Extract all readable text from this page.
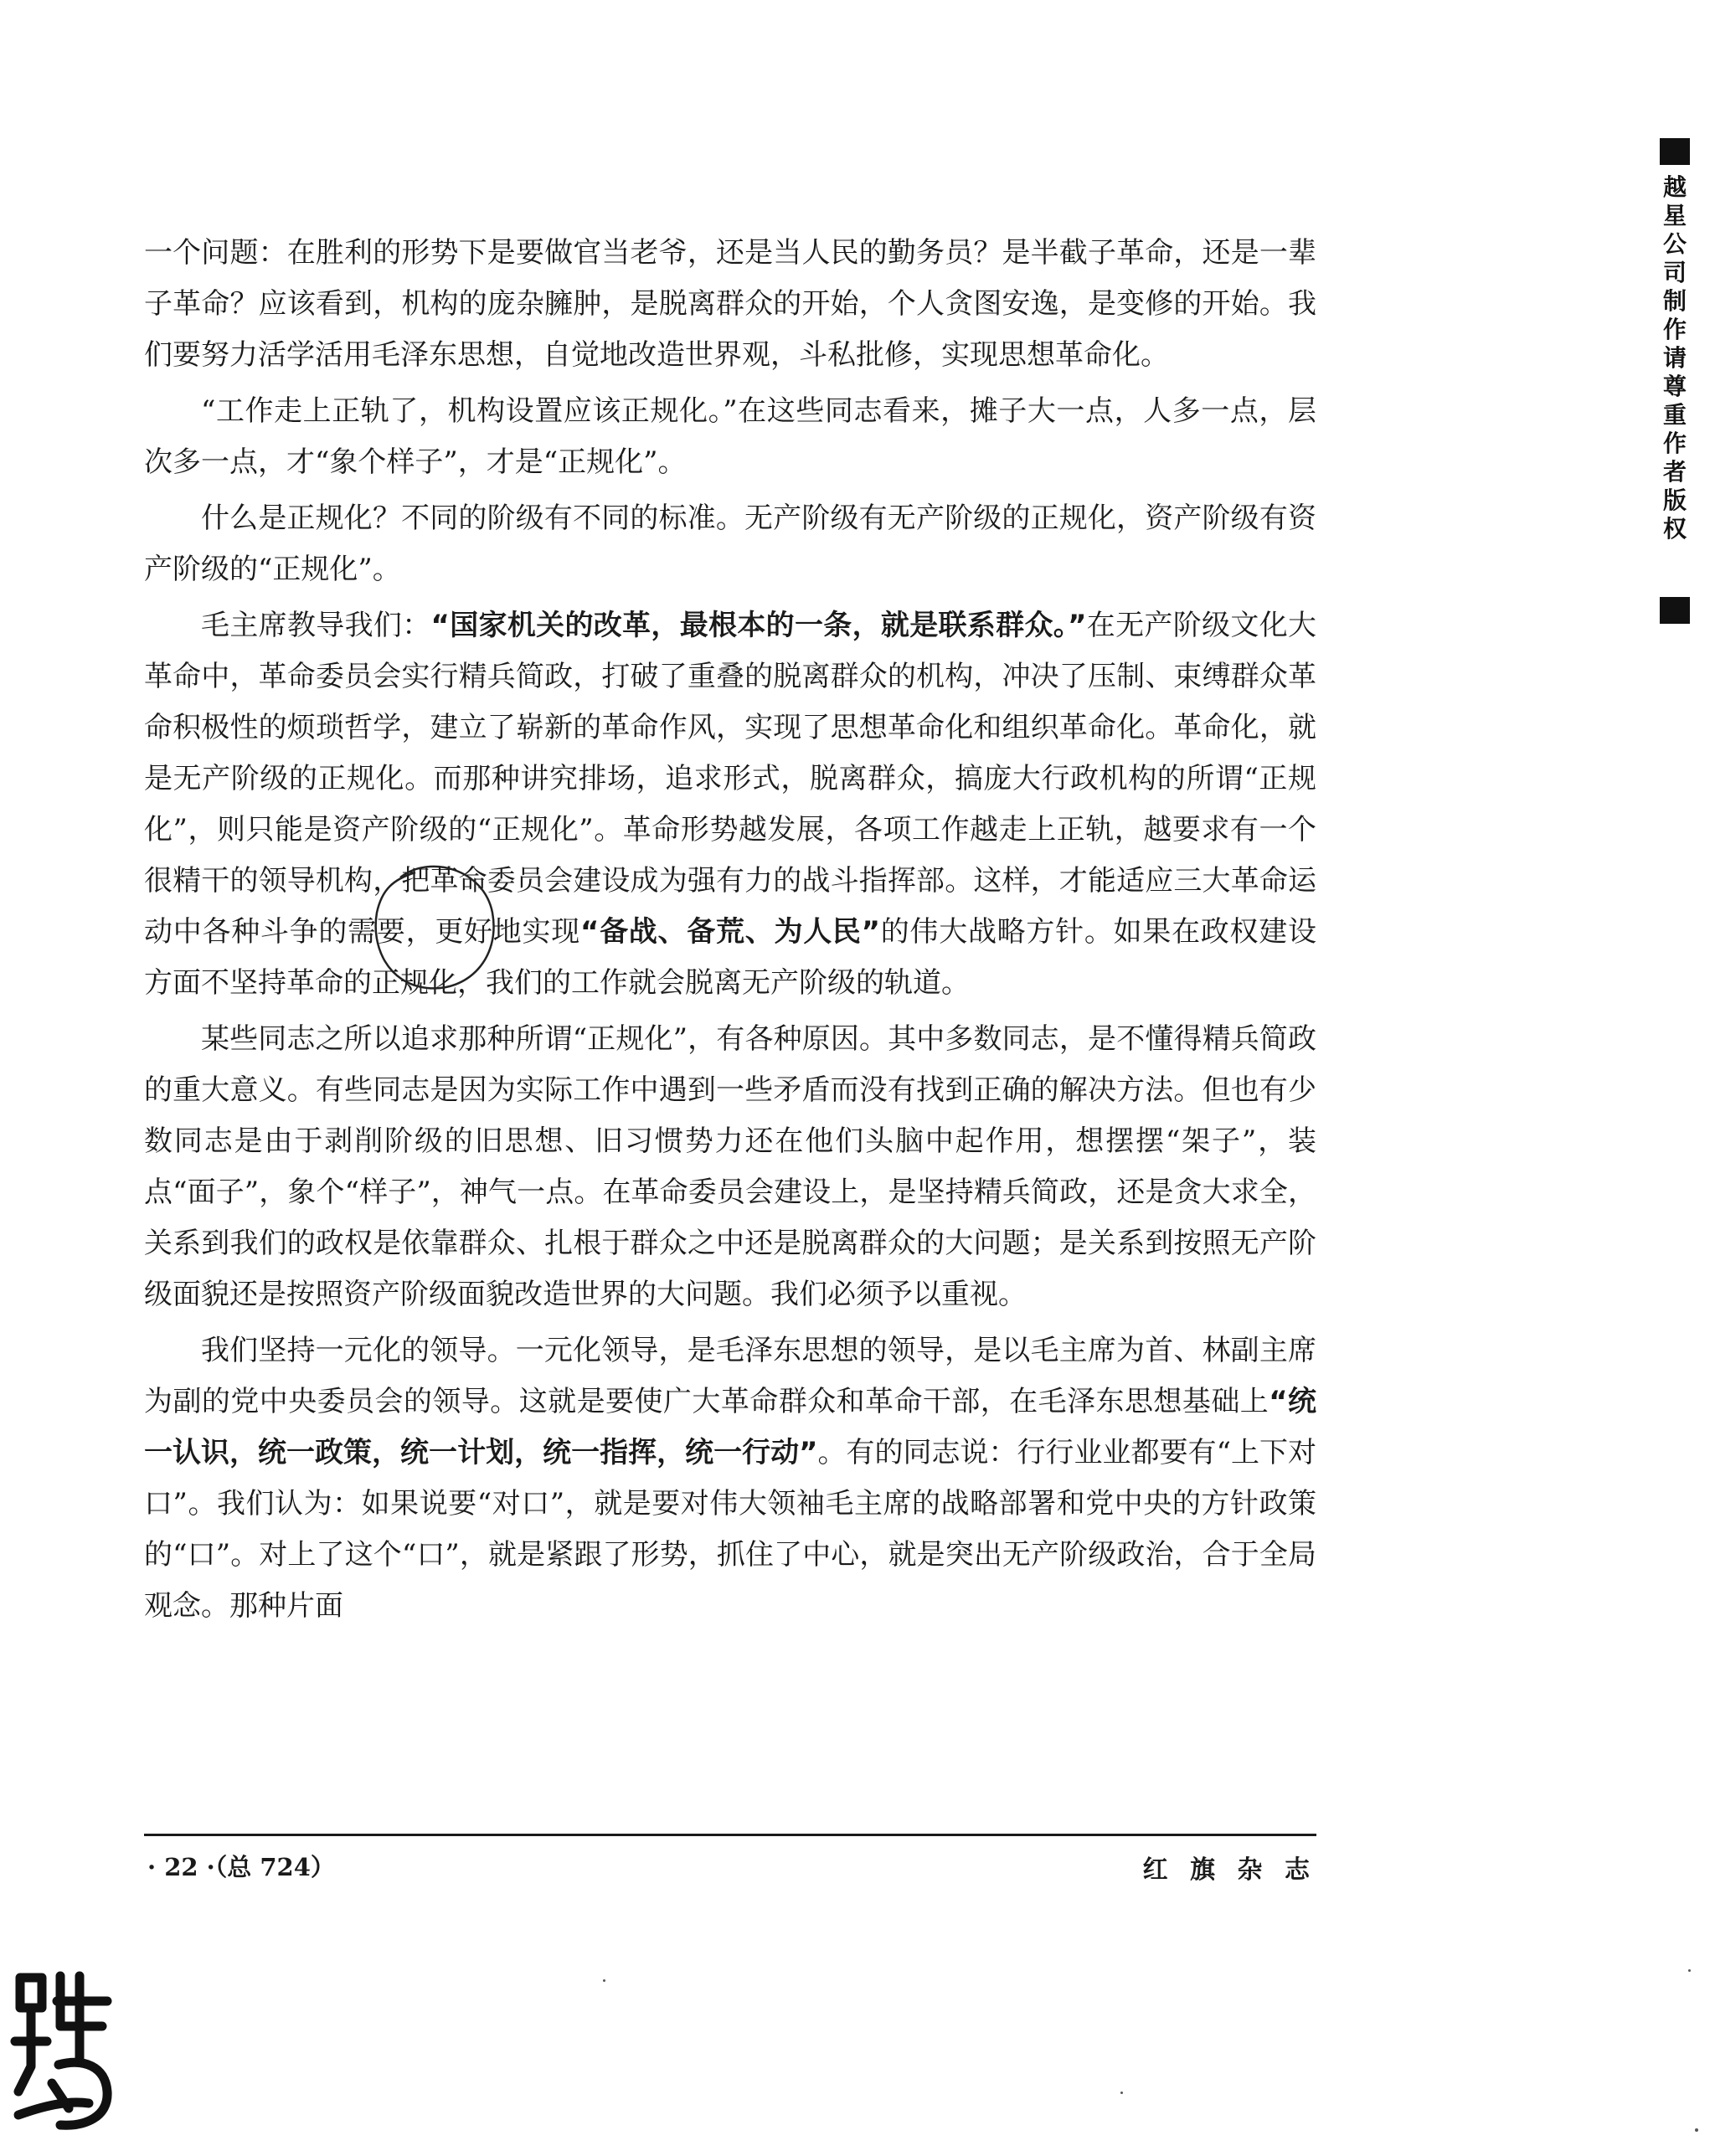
越星公司制作 请尊重作者版权

一个问题：在胜利的形势下是要做官当老爷，还是当人民的勤务员？是半截子革命，还是一辈子革命？应该看到，机构的庞杂臃肿，是脱离群众的开始，个人贪图安逸，是变修的开始。我们要努力活学活用毛泽东思想，自觉地改造世界观，斗私批修，实现思想革命化。

“工作走上正轨了，机构设置应该正规化。”在这些同志看来，摊子大一点，人多一点，层次多一点，才“象个样子”，才是“正规化”。

什么是正规化？不同的阶级有不同的标准。无产阶级有无产阶级的正规化，资产阶级有资产阶级的“正规化”。

毛主席教导我们：“国家机关的改革，最根本的一条，就是联系群众。”在无产阶级文化大革命中，革命委员会实行精兵简政，打破了重叠的脱离群众的机构，冲决了压制、束缚群众革命积极性的烦琐哲学，建立了崭新的革命作风，实现了思想革命化和组织革命化。革命化，就是无产阶级的正规化。而那种讲究排场，追求形式，脱离群众，搞庞大行政机构的所谓“正规化”，则只能是资产阶级的“正规化”。革命形势越发展，各项工作越走上正轨，越要求有一个很精干的领导机构，把革命委员会建设成为强有力的战斗指挥部。这样，才能适应三大革命运动中各种斗争的需要，更好地实现“备战、备荒、为人民”的伟大战略方针。如果在政权建设方面不坚持革命的正规化，我们的工作就会脱离无产阶级的轨道。

某些同志之所以追求那种所谓“正规化”，有各种原因。其中多数同志，是不懂得精兵简政的重大意义。有些同志是因为实际工作中遇到一些矛盾而没有找到正确的解决方法。但也有少数同志是由于剥削阶级的旧思想、旧习惯势力还在他们头脑中起作用，想摆摆“架子”，装点“面子”，象个“样子”，神气一点。在革命委员会建设上，是坚持精兵简政，还是贪大求全，关系到我们的政权是依靠群众、扎根于群众之中还是脱离群众的大问题；是关系到按照无产阶级面貌还是按照资产阶级面貌改造世界的大问题。我们必须予以重视。

我们坚持一元化的领导。一元化领导，是毛泽东思想的领导，是以毛主席为首、林副主席为副的党中央委员会的领导。这就是要使广大革命群众和革命干部，在毛泽东思想基础上“统一认识，统一政策，统一计划，统一指挥，统一行动”。有的同志说：行行业业都要有“上下对口”。我们认为：如果说要“对口”，就是要对伟大领袖毛主席的战略部署和党中央的方针政策的“口”。对上了这个“口”，就是紧跟了形势，抓住了中心，就是突出无产阶级政治，合于全局观念。那种片面

· 22 ·（总 724）	红 旗 杂 志
